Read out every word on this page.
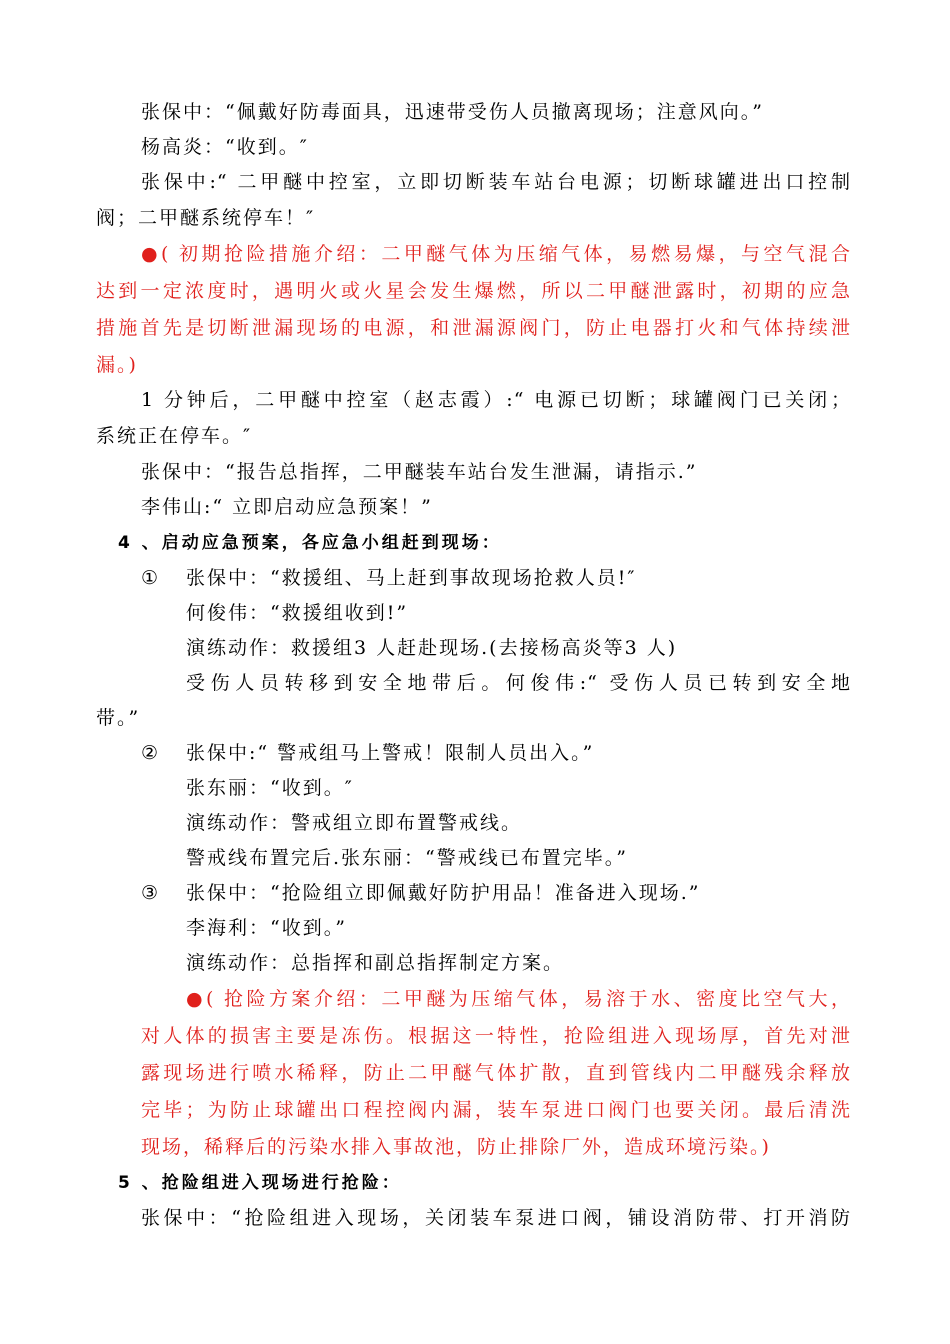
张保中：“佩戴好防毒面具，迅速带受伤人员撤离现场；注意风向。”
杨高炎：“收到。″
张保中:“ 二甲醚中控室，立即切断装车站台电源；切断球罐进出口控制
阀；二甲醚系统停车！″
●( 初期抢险措施介绍：二甲醚气体为压缩气体，易燃易爆，与空气混合
达到一定浓度时，遇明火或火星会发生爆燃，所以二甲醚泄露时，初期的应急
措施首先是切断泄漏现场的电源，和泄漏源阀门，防止电器打火和气体持续泄
漏。)
1 分钟后，二甲醚中控室（赵志霞）:“ 电源已切断；球罐阀门已关闭；
系统正在停车。″
张保中：“报告总指挥，二甲醚装车站台发生泄漏，请指示.”
李伟山:“ 立即启动应急预案！”
4 、启动应急预案，各应急小组赶到现场：
① 张保中：“救援组、马上赶到事故现场抢救人员!″
何俊伟：“救援组收到!”
演练动作：救援组3 人赶赴现场.(去接杨高炎等3 人)
受伤人员转移到安全地带后。何俊伟:“ 受伤人员已转到安全地
带。”
② 张保中:“ 警戒组马上警戒！限制人员出入。”
张东丽：“收到。″
演练动作：警戒组立即布置警戒线。
警戒线布置完后.张东丽：“警戒线已布置完毕。”
③ 张保中：“抢险组立即佩戴好防护用品！准备进入现场.”
李海利：“收到。”
演练动作：总指挥和副总指挥制定方案。
●( 抢险方案介绍：二甲醚为压缩气体，易溶于水、密度比空气大，
对人体的损害主要是冻伤。根据这一特性，抢险组进入现场厚，首先对泄
露现场进行喷水稀释，防止二甲醚气体扩散，直到管线内二甲醚残余释放
完毕；为防止球罐出口程控阀内漏，装车泵进口阀门也要关闭。最后清洗
现场，稀释后的污染水排入事故池，防止排除厂外，造成环境污染。)
5 、抢险组进入现场进行抢险：
张保中：“抢险组进入现场，关闭装车泵进口阀，铺设消防带、打开消防
